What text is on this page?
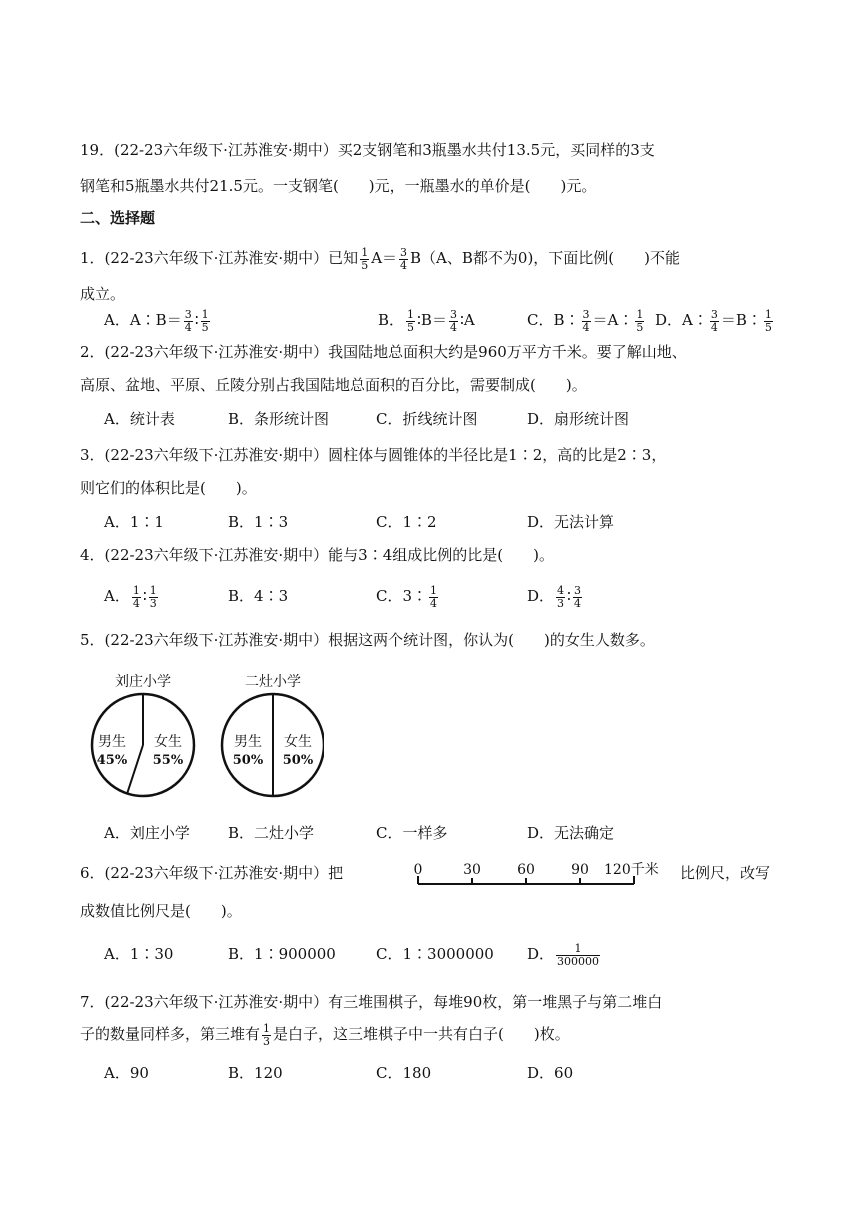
19．(22-23六年级下·江苏淮安·期中）买2支钢笔和3瓶墨水共付13.5元，买同样的3支
钢笔和5瓶墨水共付21.5元。一支钢笔(　　)元，一瓶墨水的单价是(　　)元。
二、选择题
1．(22-23六年级下·江苏淮安·期中）已知 $\frac{1}{5} A= \frac{3}{4} B(A$、B都不为0)，下面比例(　　)不能
成立。
A．A∶B＝ $\frac{3}{4}$ ∶ $\frac{1}{5}$	B． $\frac{1}{5}$ ∶B＝ $\frac{3}{4}$ ∶A	C．B∶ $\frac{3}{4}$ ＝A∶ $\frac{1}{5}$ D．A∶ $\frac{3}{4}$ ＝B∶ $\frac{1}{5}$
2．(22-23六年级下·江苏淮安·期中）我国陆地总面积大约是960万平方千米。要了解山地、
高原、盆地、平原、丘陵分别占我国陆地总面积的百分比，需要制成(　　)。
A．统计表	B．条形统计图	C．折线统计图	D．扇形统计图
3．(22-23六年级下·江苏淮安·期中）圆柱体与圆锥体的半径比是1∶2，高的比是2∶3，
则它们的体积比是(　　)。
A．1∶1	B．1∶3	C．1∶2	D．无法计算
4．(22-23六年级下·江苏淮安·期中）能与3∶4组成比例的比是(　　)。
A． $\frac{1}{4}$ ∶ $\frac{1}{3}$	B．4∶3	C．3∶ $\frac{1}{4}$	D． $\frac{4}{3}$ ∶ $\frac{3}{4}$
5．(22-23六年级下·江苏淮安·期中）根据这两个统计图，你认为(　　)的女生人数多。
刘庄小学
男生
45%
女生
55%
二灶小学
男生
50%
女生
50%
A．刘庄小学	B．二灶小学	C．一样多	D．无法确定
6．(22-23六年级下·江苏淮安·期中）把	0	30	60	90 120千米 比例尺，改写
成数值比例尺是(　　)。
A．1∶30	B．1∶900000	C．1∶3000000 D． $\frac{1}{300000}$
7．(22-23六年级下·江苏淮安·期中）有三堆围棋子，每堆90枚，第一堆黑子与第二堆白
子的数量同样多，第三堆有 $\frac{1}{3}$ 是白子，这三堆棋子中一共有白子(　　)枚。
A．90	B．120	C．180	D．60
